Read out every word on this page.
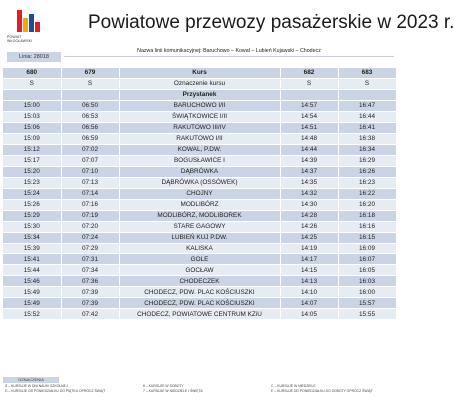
POWIAT
WŁOCŁAWSKI
Powiatowe przewozy pasażerskie w 2023 r.
Linia: 28018
Nazwa linii komunikacyjnej: Baruchowo – Kowal – Lubień Kujawski – Chodecz
680	679	Kurs	682	683
S	S	Oznaczenie kursu	S	S
		Przystanek		
15:00	06:50	BARUCHOWO I/II	14:57	16:47
15:03	06:53	ŚWIĄTKOWICE I/II	14:54	16:44
15:06	06:56	RAKUTOWO III/IV	14:51	16:41
15:09	06:59	RAKUTOWO I/II	14:48	16:38
15:12	07:02	KOWAL, P.DW.	14:44	16:34
15:17	07:07	BOGUSŁAWICE I	14:39	16:29
15:20	07:10	DĄBRÓWKA	14:37	16:26
15:23	07:13	DĄBRÓWKA (OSSÓWEK)	14:35	16:23
15:24	07:14	CHOJNY	14:32	16:22
15:26	07:16	MODLIBÓRZ	14:30	16:20
15:29	07:19	MODLIBÓRZ, MODLIBOREK	14:28	16:18
15:30	07:20	STARE GAGOWY	14:26	16:16
15:34	07:24	LUBIEŃ KUJ P.DW.	14:25	16:15
15:39	07:29	KALISKA	14:19	16:09
15:41	07:31	GOLE	14:17	16:07
15:44	07:34	GOCŁAW	14:15	16:05
15:46	07:36	CHODECZEK	14:13	16:03
15:49	07:39	CHODECZ, PDW. PLAC KOŚCIUSZKI	14:10	16:00
15:49	07:39	CHODECZ, PDW. PLAC KOŚCIUSZKI	14:07	15:57
15:52	07:42	CHODECZ, POWIATOWE CENTRUM KZiU	14:05	15:55
OZNACZENIA
S – KURSUJE W DNI NAUKI SZKOLNEJ
D – KURSUJE OD PONIEDZIAŁKU DO PIĄTKU OPRÓCZ ŚWIĄT
6 – KURSUJE W SOBOTY
7 – KURSUJE W NIEDZIELE I ŚWIĘTA
C – KURSUJE W NIEDZIELE
E – KURSUJE OD PONIEDZIAŁKU DO SOBOTY OPRÓCZ ŚWIĄT
